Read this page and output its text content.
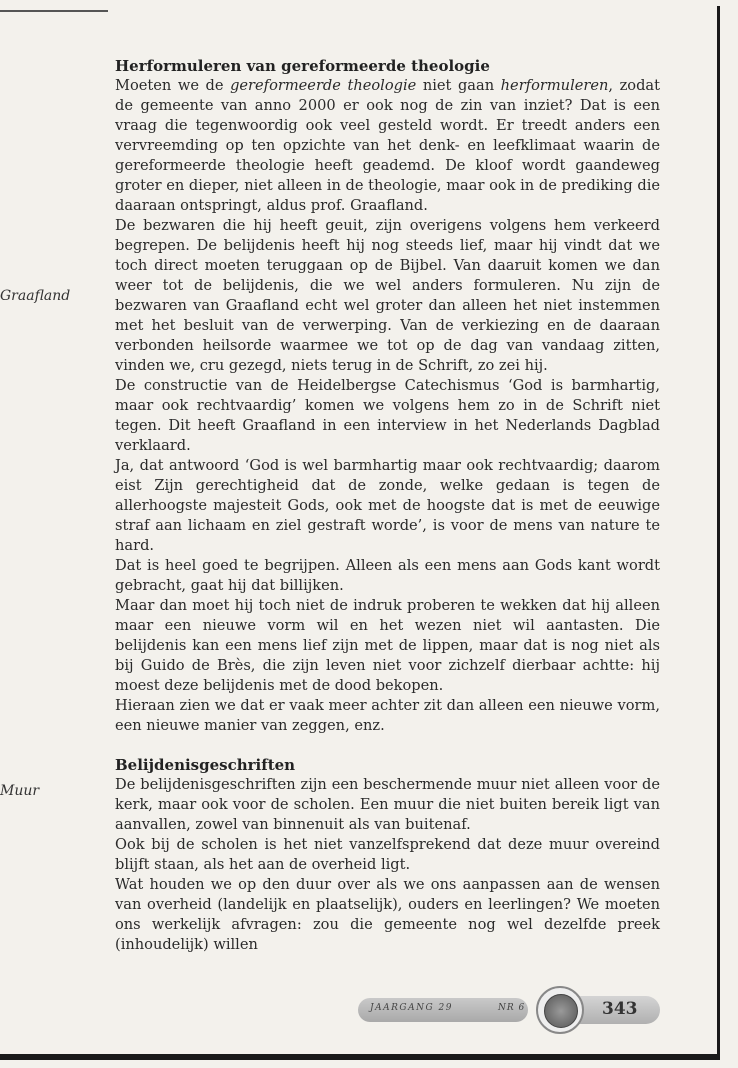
Graafland
Muur
Herformuleren van gereformeerde theologie

Moeten we de gereformeerde theologie niet gaan herformuleren, zodat de gemeente van anno 2000 er ook nog de zin van inziet? Dat is een vraag die tegenwoordig ook veel gesteld wordt. Er treedt anders een vervreemding op ten opzichte van het denk- en leefklimaat waarin de gereformeerde theologie heeft geademd. De kloof wordt gaandeweg groter en dieper, niet alleen in de theologie, maar ook in de prediking die daaraan ontspringt, aldus prof. Graafland.

De bezwaren die hij heeft geuit, zijn overigens volgens hem verkeerd begrepen. De belijdenis heeft hij nog steeds lief, maar hij vindt dat we toch direct moeten teruggaan op de Bijbel. Van daaruit komen we dan weer tot de belijdenis, die we wel anders formuleren. Nu zijn de bezwaren van Graafland echt wel groter dan alleen het niet instemmen met het besluit van de verwerping. Van de verkiezing en de daaraan verbonden heilsorde waarmee we tot op de dag van vandaag zitten, vinden we, cru gezegd, niets terug in de Schrift, zo zei hij.

De constructie van de Heidelbergse Catechismus ‘God is barmhartig, maar ook rechtvaardig’ komen we volgens hem zo in de Schrift niet tegen. Dit heeft Graafland in een interview in het Nederlands Dagblad verklaard.

Ja, dat antwoord ‘God is wel barmhartig maar ook rechtvaardig; daarom eist Zijn gerechtigheid dat de zonde, welke gedaan is tegen de allerhoogste majesteit Gods, ook met de hoogste dat is met de eeuwige straf aan lichaam en ziel gestraft worde’, is voor de mens van nature te hard.

Dat is heel goed te begrijpen. Alleen als een mens aan Gods kant wordt gebracht, gaat hij dat billijken.

Maar dan moet hij toch niet de indruk proberen te wekken dat hij alleen maar een nieuwe vorm wil en het wezen niet wil aantasten. Die belijdenis kan een mens lief zijn met de lippen, maar dat is nog niet als bij Guido de Brès, die zijn leven niet voor zichzelf dierbaar achtte: hij moest deze belijdenis met de dood bekopen.

Hieraan zien we dat er vaak meer achter zit dan alleen een nieuwe vorm, een nieuwe manier van zeggen, enz.

Belijdenisgeschriften

De belijdenisgeschriften zijn een beschermende muur niet alleen voor de kerk, maar ook voor de scholen. Een muur die niet buiten bereik ligt van aanvallen, zowel van binnenuit als van buitenaf.

Ook bij de scholen is het niet vanzelfsprekend dat deze muur overeind blijft staan, als het aan de overheid ligt.

Wat houden we op den duur over als we ons aanpassen aan de wensen van overheid (landelijk en plaatselijk), ouders en leerlingen? We moeten ons werkelijk afvragen: zou die gemeente nog wel dezelfde preek (inhoudelijk) willen

JAARGANG 29	NR 6	343
